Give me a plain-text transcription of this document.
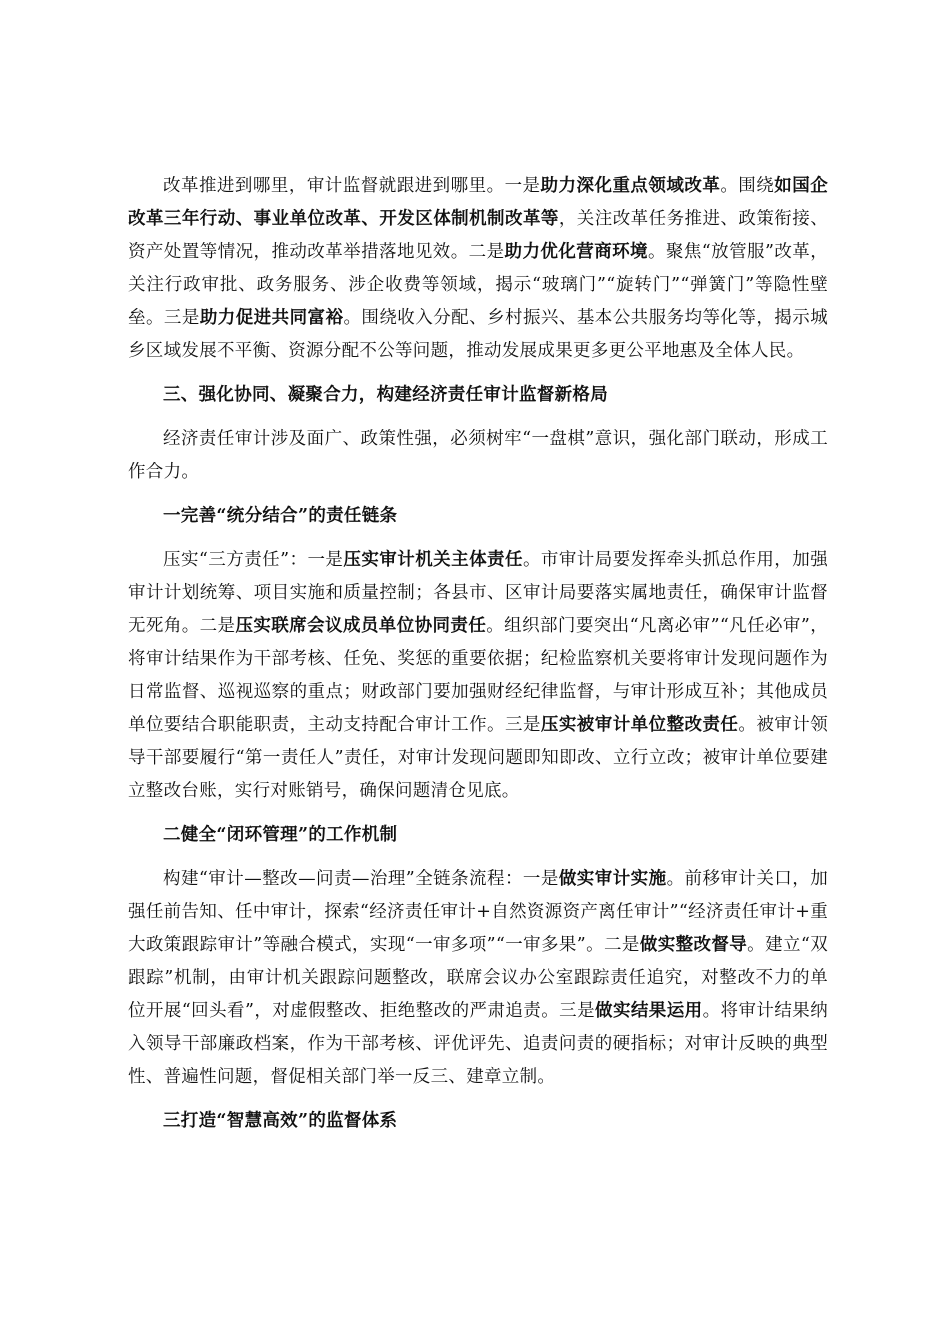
改革推进到哪里，审计监督就跟进到哪里。一是助力深化重点领域改革。围绕如国企改革三年行动、事业单位改革、开发区体制机制改革等，关注改革任务推进、政策衔接、资产处置等情况，推动改革举措落地见效。二是助力优化营商环境。聚焦“放管服”改革，关注行政审批、政务服务、涉企收费等领域，揭示“玻璃门”“旋转门”“弹簧门”等隐性壁垒。三是助力促进共同富裕。围绕收入分配、乡村振兴、基本公共服务均等化等，揭示城乡区域发展不平衡、资源分配不公等问题，推动发展成果更多更公平地惠及全体人民。

三、强化协同、凝聚合力，构建经济责任审计监督新格局

经济责任审计涉及面广、政策性强，必须树牢“一盘棋”意识，强化部门联动，形成工作合力。

一完善“统分结合”的责任链条

压实“三方责任”：一是压实审计机关主体责任。市审计局要发挥牵头抓总作用，加强审计计划统筹、项目实施和质量控制；各县市、区审计局要落实属地责任，确保审计监督无死角。二是压实联席会议成员单位协同责任。组织部门要突出“凡离必审”“凡任必审”，将审计结果作为干部考核、任免、奖惩的重要依据；纪检监察机关要将审计发现问题作为日常监督、巡视巡察的重点；财政部门要加强财经纪律监督，与审计形成互补；其他成员单位要结合职能职责，主动支持配合审计工作。三是压实被审计单位整改责任。被审计领导干部要履行“第一责任人”责任，对审计发现问题即知即改、立行立改；被审计单位要建立整改台账，实行对账销号，确保问题清仓见底。

二健全“闭环管理”的工作机制

构建“审计—整改—问责—治理”全链条流程：一是做实审计实施。前移审计关口，加强任前告知、任中审计，探索“经济责任审计+自然资源资产离任审计”“经济责任审计+重大政策跟踪审计”等融合模式，实现“一审多项”“一审多果”。二是做实整改督导。建立“双跟踪”机制，由审计机关跟踪问题整改，联席会议办公室跟踪责任追究，对整改不力的单位开展“回头看”，对虚假整改、拒绝整改的严肃追责。三是做实结果运用。将审计结果纳入领导干部廉政档案，作为干部考核、评优评先、追责问责的硬指标；对审计反映的典型性、普遍性问题，督促相关部门举一反三、建章立制。

三打造“智慧高效”的监督体系
